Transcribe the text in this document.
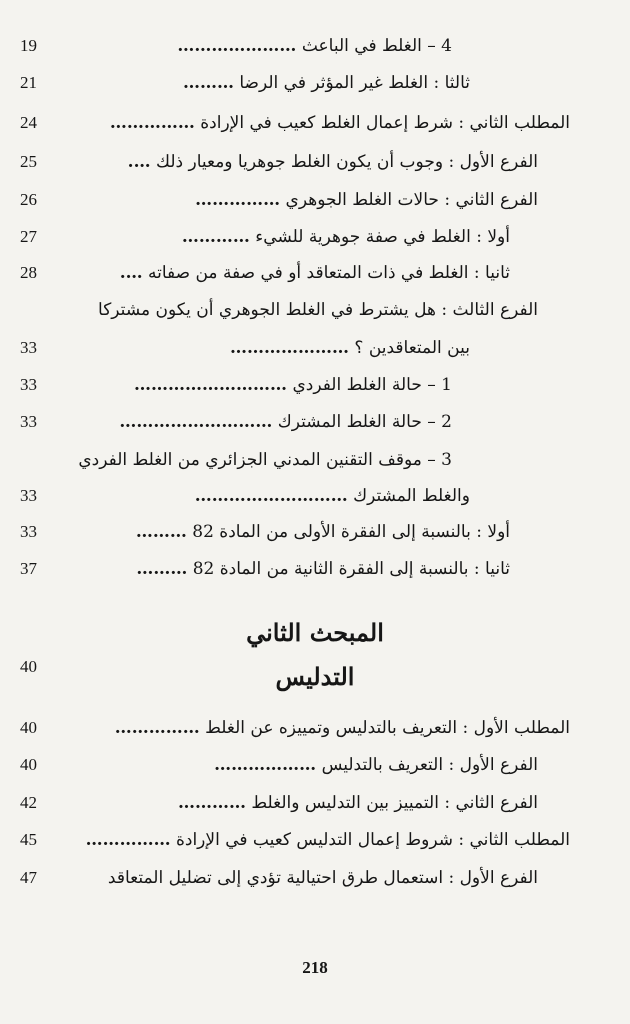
19	4 – الغلط في الباعث …………………
21	ثالثا : الغلط غير المؤثر في الرضا ………
24	المطلب الثاني : شرط إعمال الغلط كعيب في الإرادة ……………
25	الفرع الأول : وجوب أن يكون الغلط جوهريا ومعيار ذلك ….
26	الفرع الثاني : حالات الغلط الجوهري ……………
27	أولا : الغلط في صفة جوهرية للشيء …………
28	ثانيا : الغلط في ذات المتعاقد أو في صفة من صفاته ….
الفرع الثالث : هل يشترط في الغلط الجوهري أن يكون مشتركا
33	بين المتعاقدين ؟ …………………
33	1 – حالة الغلط الفردي ………………………
33	2 – حالة الغلط المشترك ………………………
3 – موقف التقنين المدني الجزائري من الغلط الفردي
33	والغلط المشترك ………………………
33	أولا : بالنسبة إلى الفقرة الأولى من المادة 82 ………
37	ثانيا : بالنسبة إلى الفقرة الثانية من المادة 82 ………
المبحث الثاني
40	التدليس
40	المطلب الأول : التعريف بالتدليس وتمييزه عن الغلط ……………
40	الفرع الأول : التعريف بالتدليس ………………
42	الفرع الثاني : التمييز بين التدليس والغلط …………
45	المطلب الثاني : شروط إعمال التدليس كعيب في الإرادة ……………
47	الفرع الأول : استعمال طرق احتيالية تؤدي إلى تضليل المتعاقد
218
